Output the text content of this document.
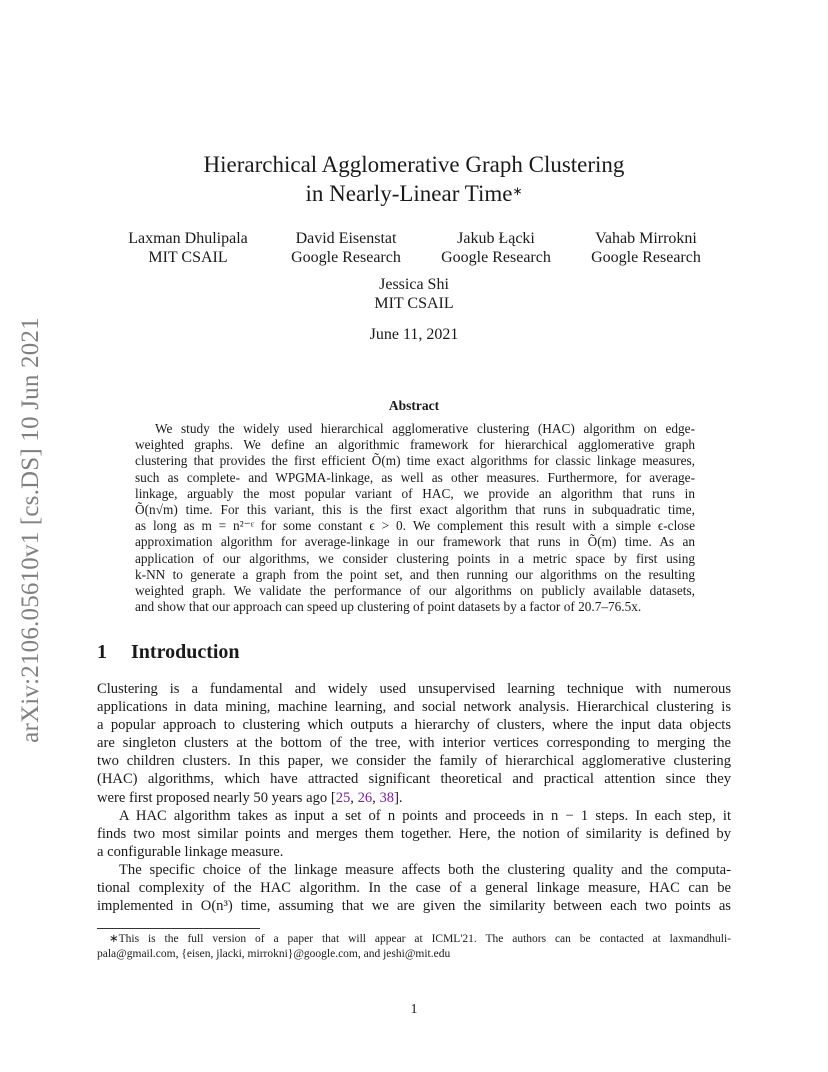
arXiv:2106.05610v1 [cs.DS] 10 Jun 2021
Hierarchical Agglomerative Graph Clustering
in Nearly-Linear Time∗
Laxman Dhulipala
MIT CSAIL
David Eisenstat
Google Research
Jakub Łącki
Google Research
Vahab Mirrokni
Google Research
Jessica Shi
MIT CSAIL
June 11, 2021
Abstract
We study the widely used hierarchical agglomerative clustering (HAC) algorithm on edge-
weighted graphs. We define an algorithmic framework for hierarchical agglomerative graph
clustering that provides the first efficient Õ(m) time exact algorithms for classic linkage measures,
such as complete- and WPGMA-linkage, as well as other measures. Furthermore, for average-
linkage, arguably the most popular variant of HAC, we provide an algorithm that runs in
Õ(n√m) time. For this variant, this is the first exact algorithm that runs in subquadratic time,
as long as m = n²⁻ᵋ for some constant ϵ > 0. We complement this result with a simple ϵ-close
approximation algorithm for average-linkage in our framework that runs in Õ(m) time. As an
application of our algorithms, we consider clustering points in a metric space by first using
k-NN to generate a graph from the point set, and then running our algorithms on the resulting
weighted graph. We validate the performance of our algorithms on publicly available datasets,
and show that our approach can speed up clustering of point datasets by a factor of 20.7–76.5x.
1 Introduction
Clustering is a fundamental and widely used unsupervised learning technique with numerous
applications in data mining, machine learning, and social network analysis. Hierarchical clustering is
a popular approach to clustering which outputs a hierarchy of clusters, where the input data objects
are singleton clusters at the bottom of the tree, with interior vertices corresponding to merging the
two children clusters. In this paper, we consider the family of hierarchical agglomerative clustering
(HAC) algorithms, which have attracted significant theoretical and practical attention since they
were first proposed nearly 50 years ago [25, 26, 38].
A HAC algorithm takes as input a set of n points and proceeds in n − 1 steps. In each step, it
finds two most similar points and merges them together. Here, the notion of similarity is defined by
a configurable linkage measure.
The specific choice of the linkage measure affects both the clustering quality and the computa-
tional complexity of the HAC algorithm. In the case of a general linkage measure, HAC can be
implemented in O(n³) time, assuming that we are given the similarity between each two points as
∗This is the full version of a paper that will appear at ICML'21. The authors can be contacted at laxmandhuli-
pala@gmail.com, {eisen, jlacki, mirrokni}@google.com, and jeshi@mit.edu
1
